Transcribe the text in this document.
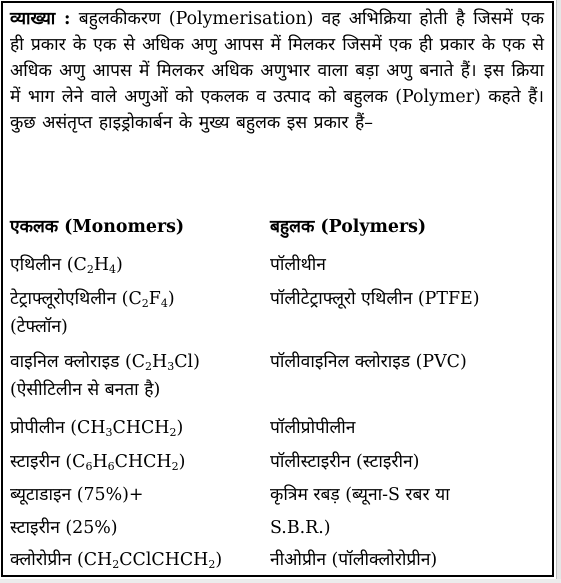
व्याख्या : बहुलकीकरण (Polymerisation) वह अभिक्रिया होती है जिसमें एक ही प्रकार के एक से अधिक अणु आपस में मिलकर जिसमें एक ही प्रकार के एक से अधिक अणु आपस में मिलकर अधिक अणुभार वाला बड़ा अणु बनाते हैं। इस क्रिया में भाग लेने वाले अणुओं को एकलक व उत्पाद को बहुलक (Polymer) कहते हैं। कुछ असंतृप्त हाइड्रोकार्बन के मुख्य बहुलक इस प्रकार हैं–

एकलक (Monomers)	बहुलक (Polymers)
एथिलीन $(C_2H_4)$	पॉलीथीन
टेट्राफ्लूरोएथिलीन $(C_2F_4)$	पॉलीटेट्राफ्लूरो एथिलीन (PTFE)
(टेफ्लॉन)
वाइनिल क्लोराइड $(C_2H_3Cl)$	पॉलीवाइनिल क्लोराइड (PVC)
(ऐसीटिलीन से बनता है)
प्रोपीलीन $(CH_3CHCH_2)$	पॉलीप्रोपीलीन
स्टाइरीन $(C_6H_6CHCH_2)$	पॉलीस्टाइरीन (स्टाइरीन)
ब्यूटाडाइन (75%)+	कृत्रिम रबड़ (ब्यूना-S रबर या
स्टाइरीन (25%)	S.B.R.)
क्लोरोप्रीन $(CH_2CClCHCH_2)$	नीओप्रीन (पॉलीक्लोरोप्रीन)
